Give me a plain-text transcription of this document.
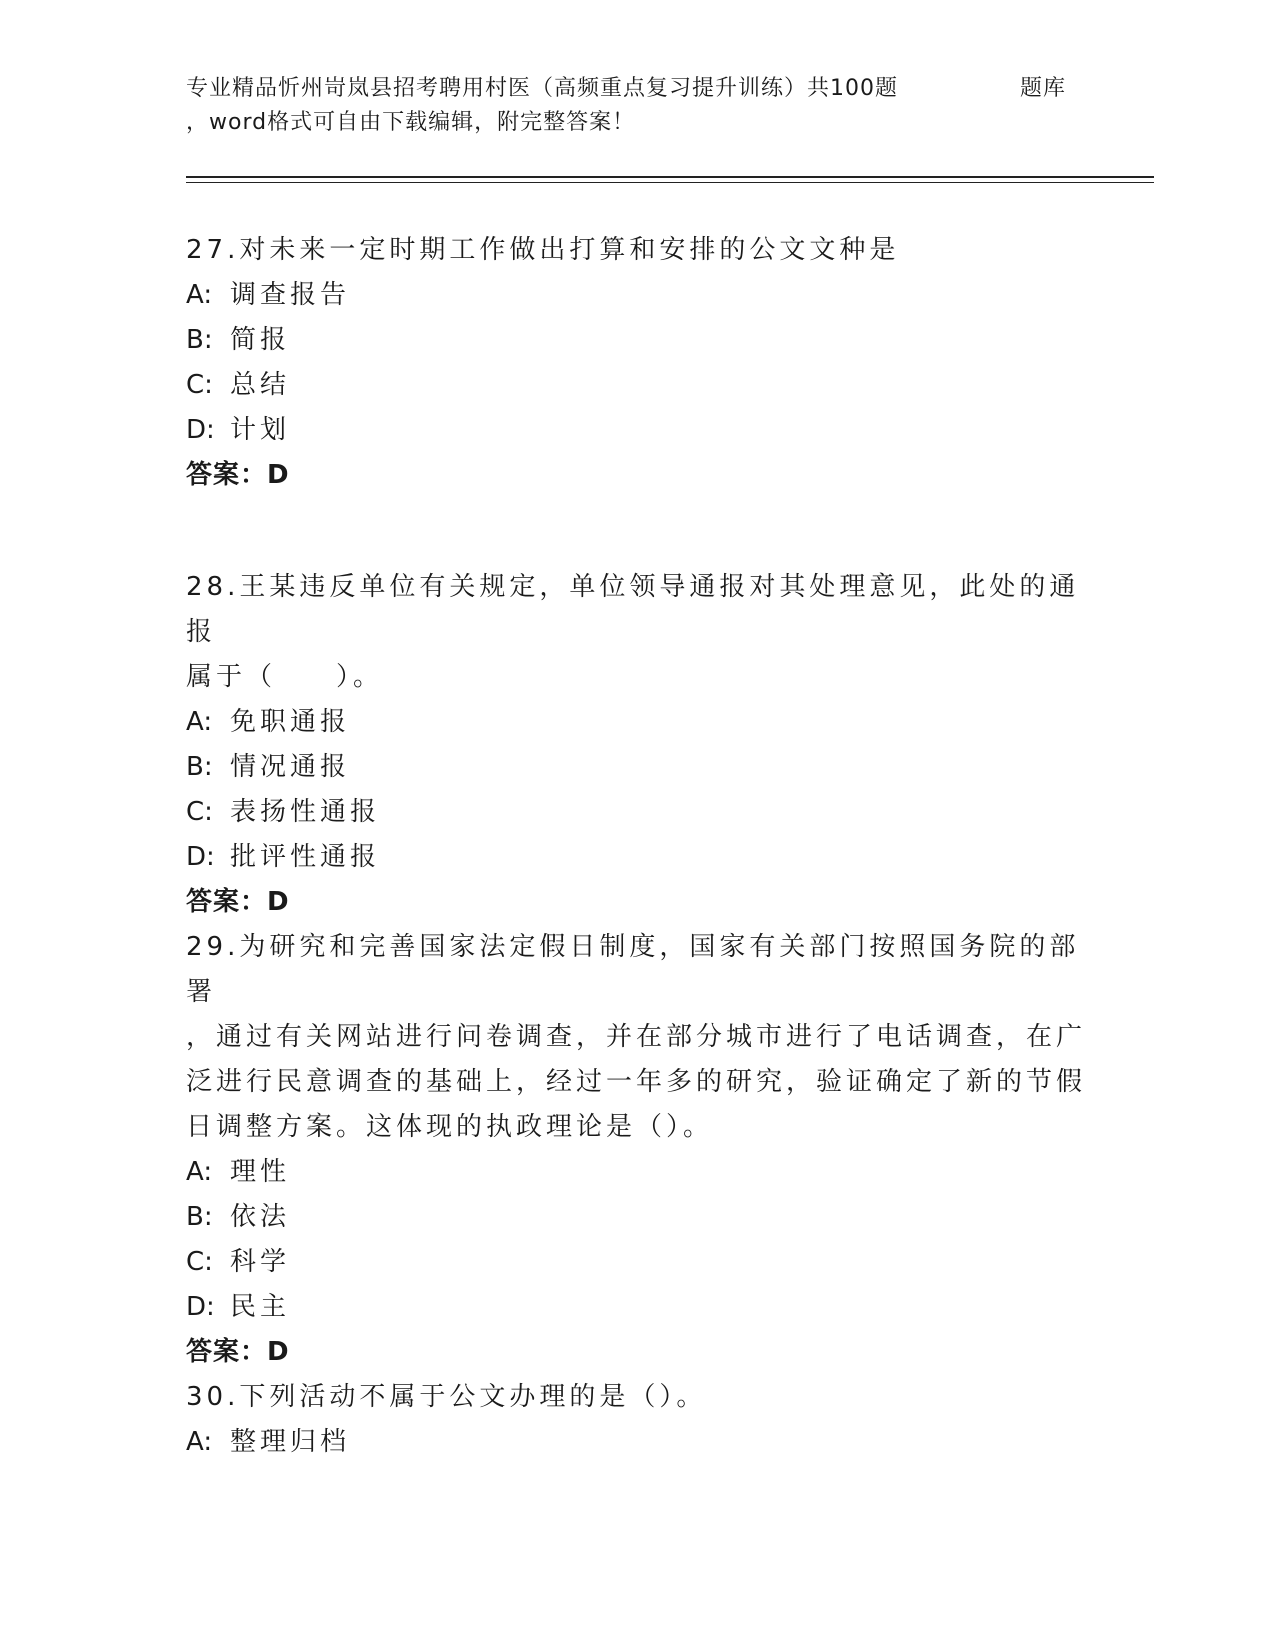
专业精品忻州岢岚县招考聘用村医（高频重点复习提升训练）共100题	题库
，word格式可自由下载编辑，附完整答案！
27.对未来一定时期工作做出打算和安排的公文文种是
A: 调查报告
B: 简报
C: 总结
D: 计划
答案：D
28.王某违反单位有关规定，单位领导通报对其处理意见，此处的通报
属于（　　）。
A: 免职通报
B: 情况通报
C: 表扬性通报
D: 批评性通报
答案：D
29.为研究和完善国家法定假日制度，国家有关部门按照国务院的部署
，通过有关网站进行问卷调查，并在部分城市进行了电话调查，在广
泛进行民意调查的基础上，经过一年多的研究，验证确定了新的节假
日调整方案。这体现的执政理论是（）。
A: 理性
B: 依法
C: 科学
D: 民主
答案：D
30.下列活动不属于公文办理的是（）。
A: 整理归档
